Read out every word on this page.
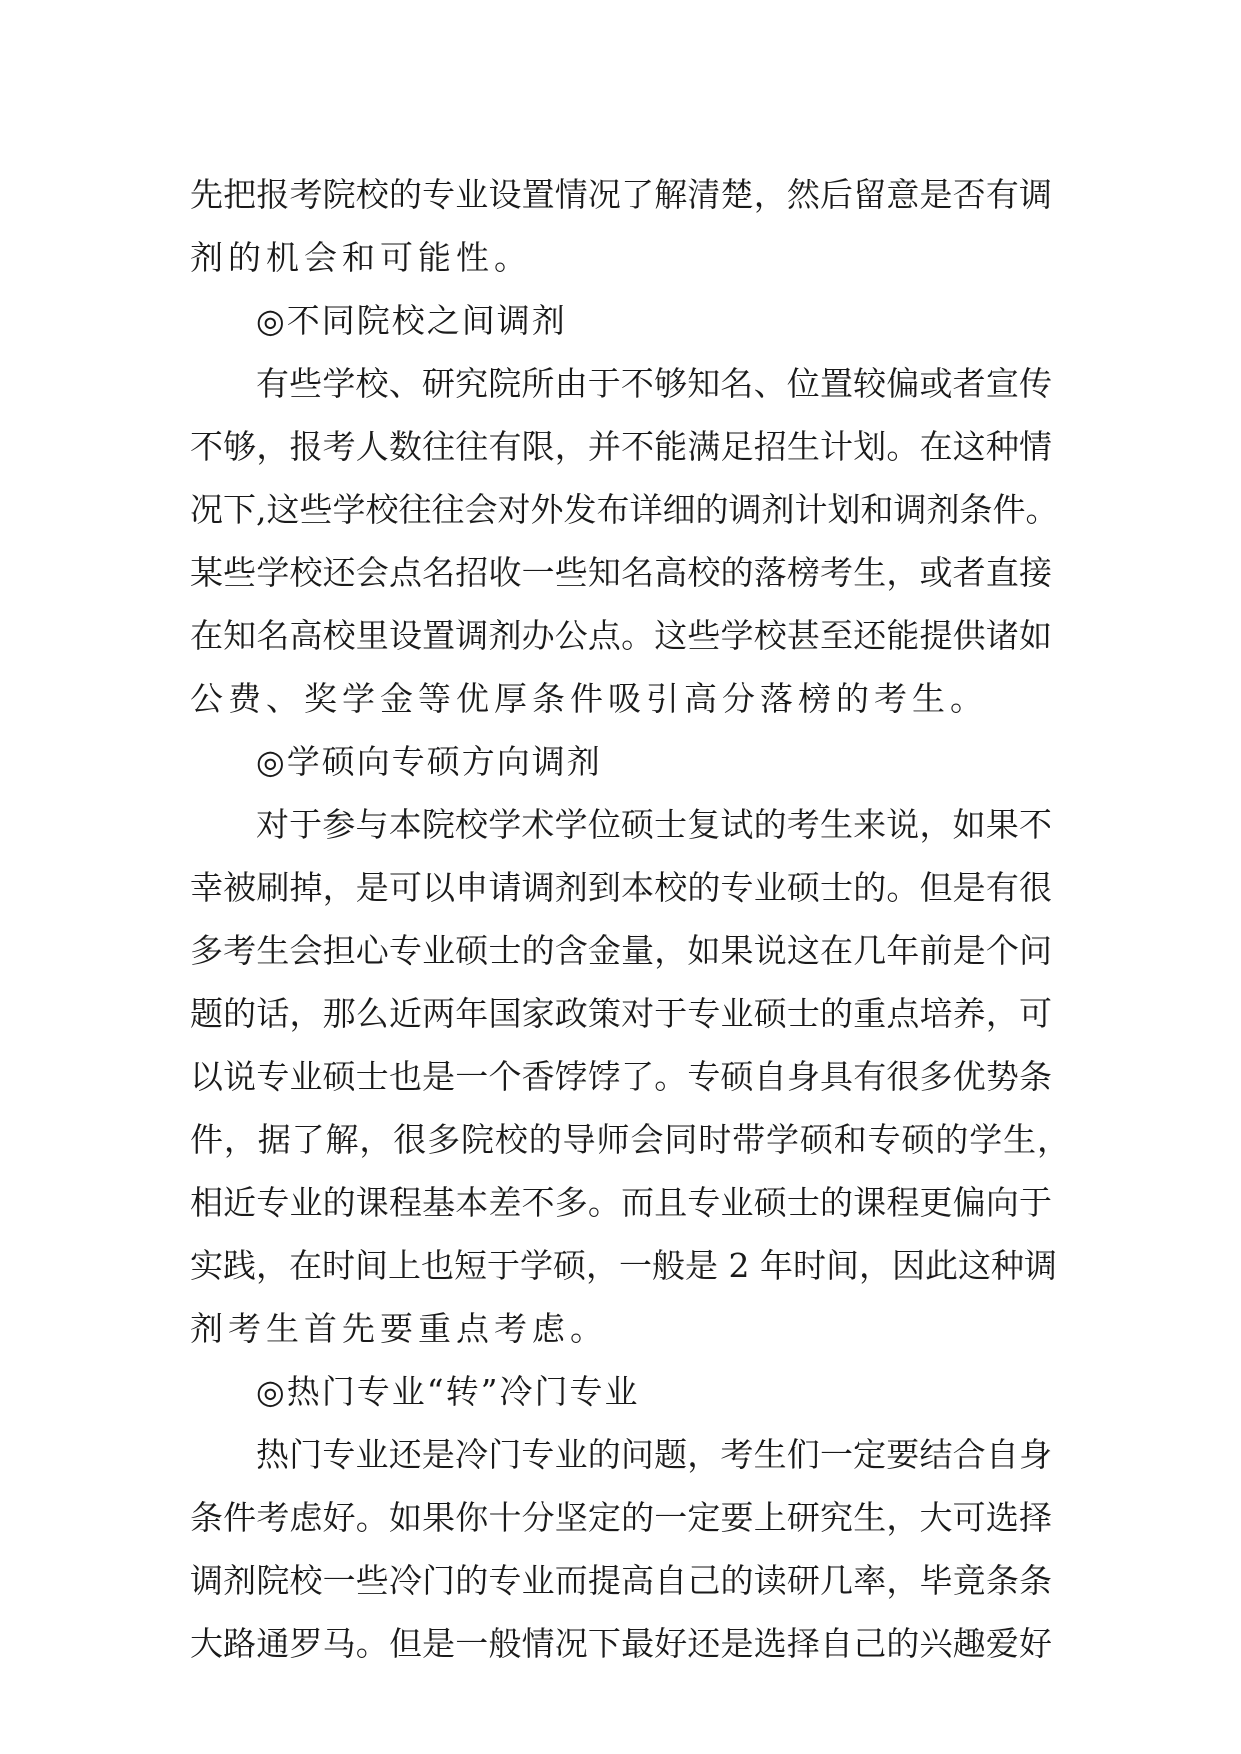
先把报考院校的专业设置情况了解清楚，然后留意是否有调
剂的机会和可能性。
◎不同院校之间调剂
有些学校、研究院所由于不够知名、位置较偏或者宣传
不够，报考人数往往有限，并不能满足招生计划。在这种情
况下,这些学校往往会对外发布详细的调剂计划和调剂条件。
某些学校还会点名招收一些知名高校的落榜考生，或者直接
在知名高校里设置调剂办公点。这些学校甚至还能提供诸如
公费、奖学金等优厚条件吸引高分落榜的考生。
◎学硕向专硕方向调剂
对于参与本院校学术学位硕士复试的考生来说，如果不
幸被刷掉，是可以申请调剂到本校的专业硕士的。但是有很
多考生会担心专业硕士的含金量，如果说这在几年前是个问
题的话，那么近两年国家政策对于专业硕士的重点培养，可
以说专业硕士也是一个香饽饽了。专硕自身具有很多优势条
件，据了解，很多院校的导师会同时带学硕和专硕的学生，
相近专业的课程基本差不多。而且专业硕士的课程更偏向于
实践，在时间上也短于学硕，一般是 2 年时间，因此这种调
剂考生首先要重点考虑。
◎热门专业“转”冷门专业
热门专业还是冷门专业的问题，考生们一定要结合自身
条件考虑好。如果你十分坚定的一定要上研究生，大可选择
调剂院校一些冷门的专业而提高自己的读研几率，毕竟条条
大路通罗马。但是一般情况下最好还是选择自己的兴趣爱好
